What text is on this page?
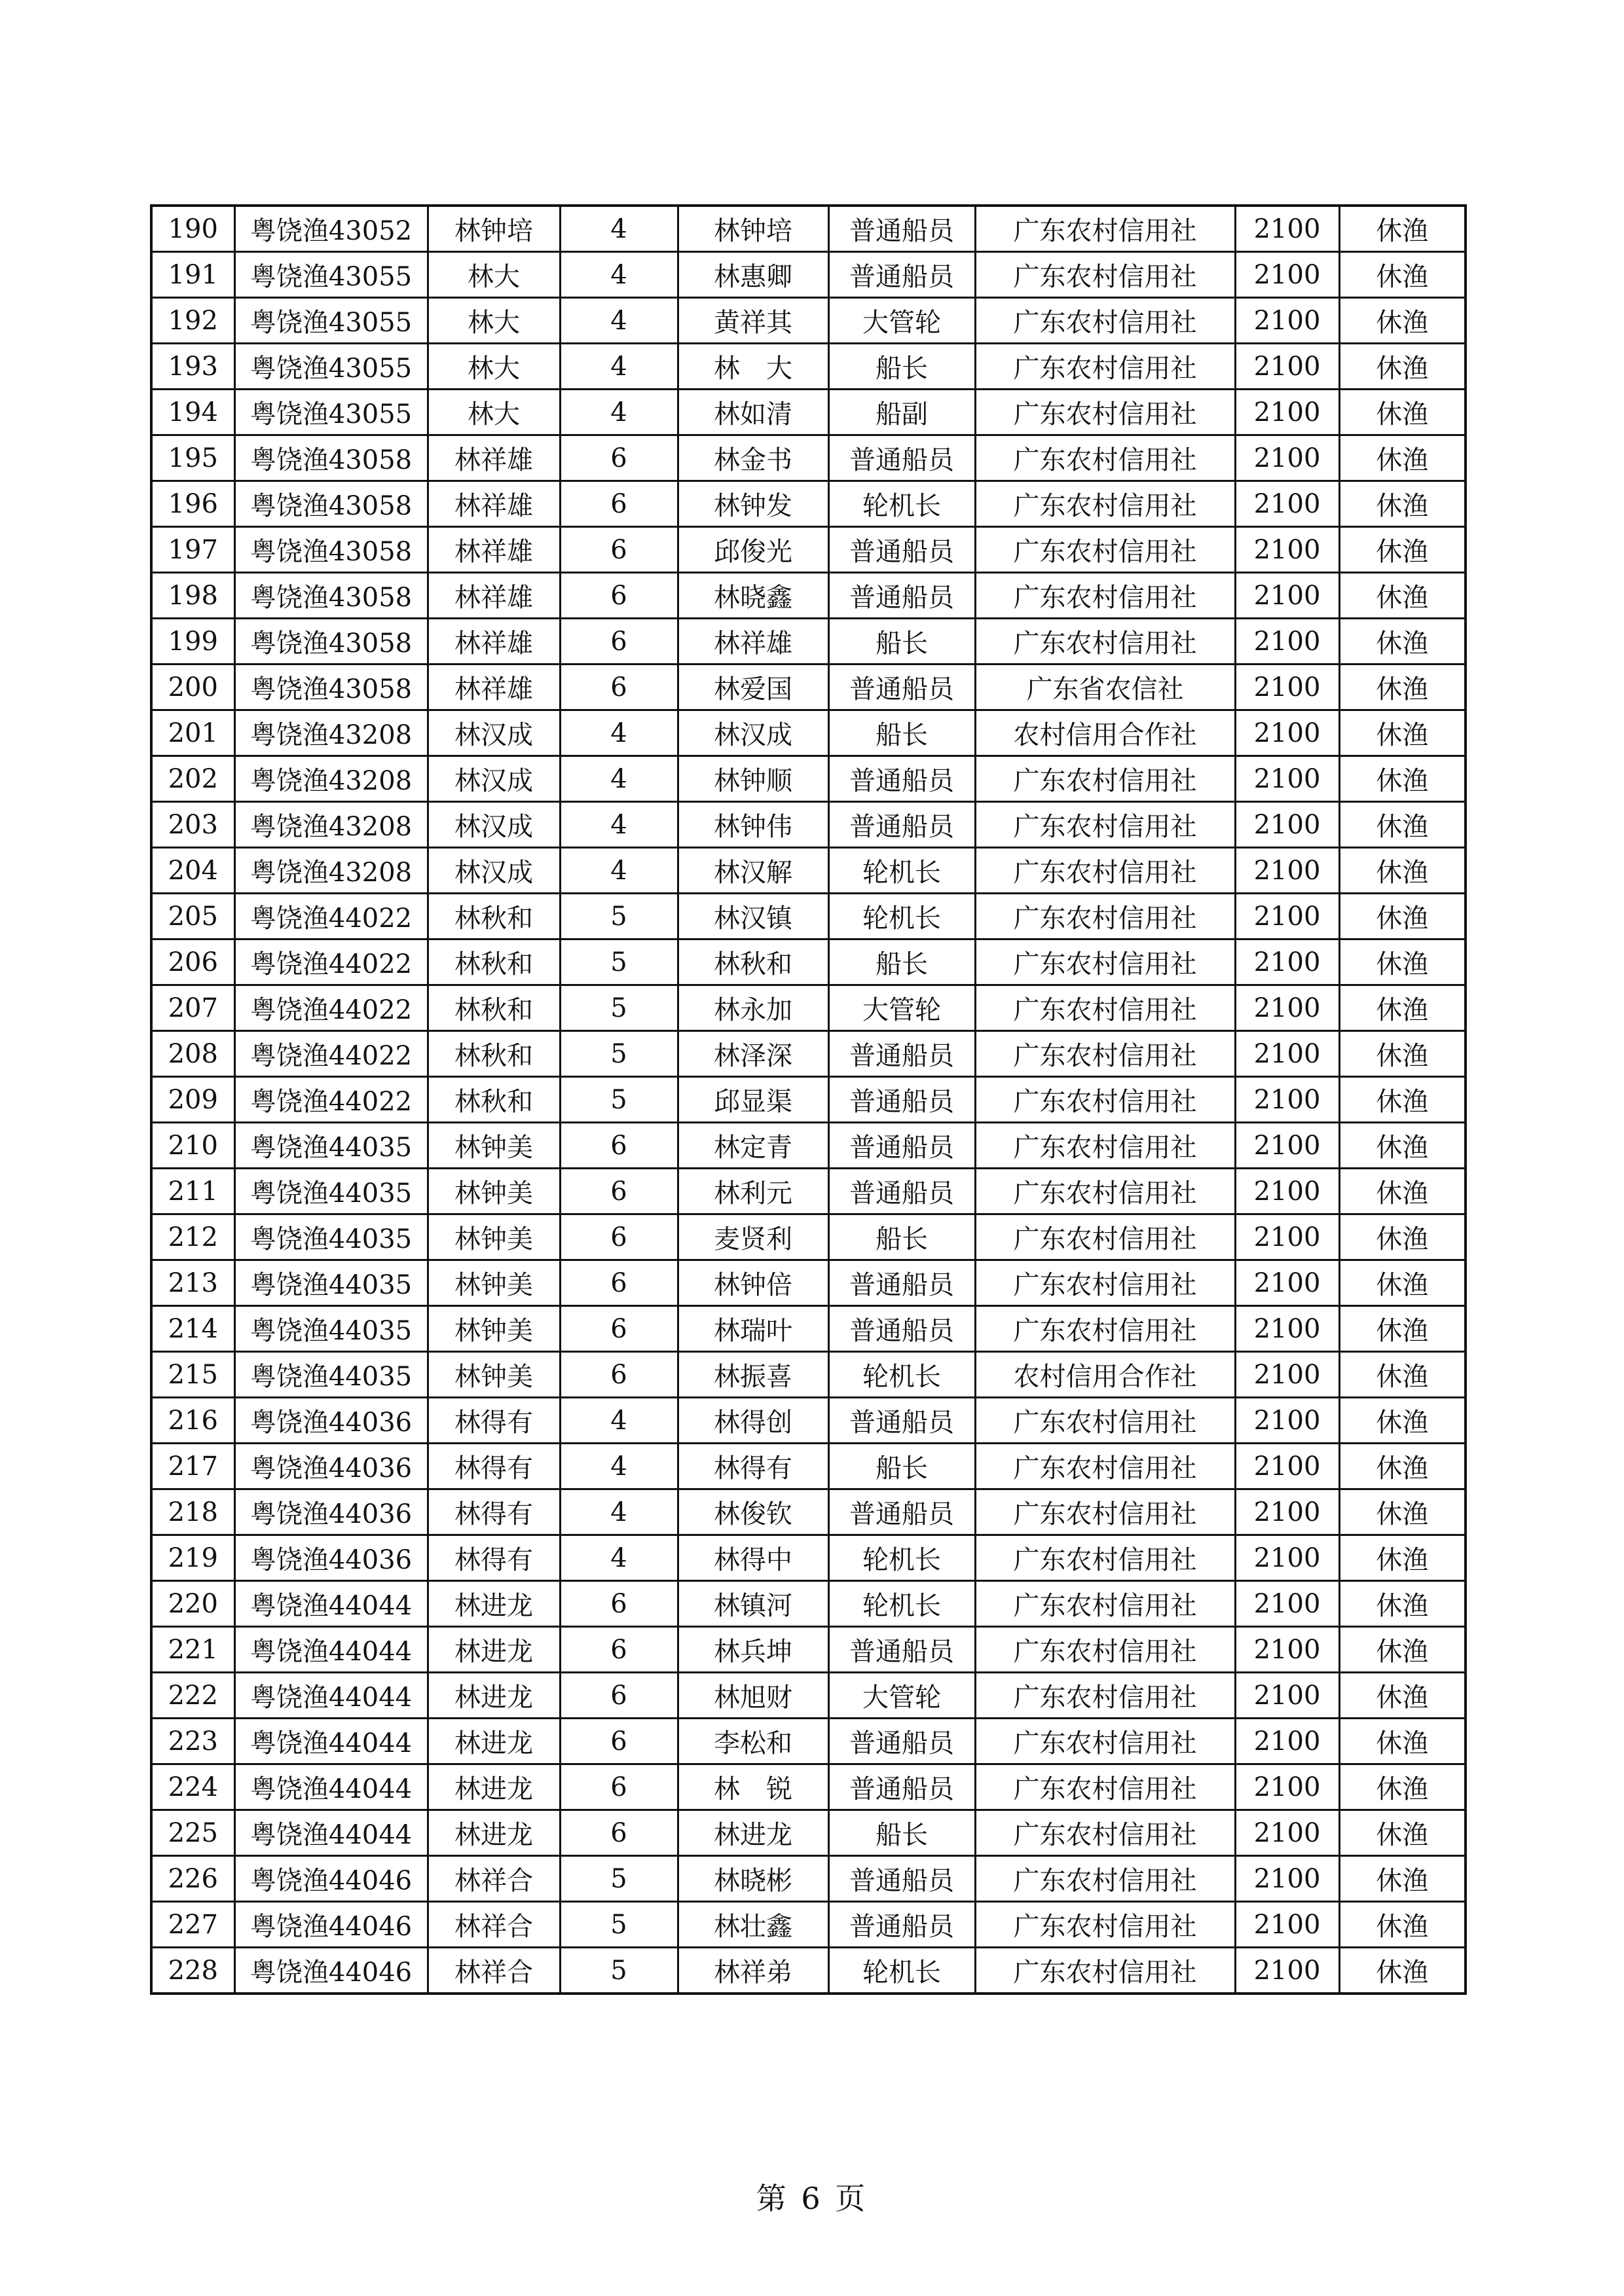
190	粤饶渔43052	林钟培	4	林钟培	普通船员	广东农村信用社	2100	休渔
191	粤饶渔43055	林大	4	林惠卿	普通船员	广东农村信用社	2100	休渔
192	粤饶渔43055	林大	4	黄祥其	大管轮	广东农村信用社	2100	休渔
193	粤饶渔43055	林大	4	林　大	船长	广东农村信用社	2100	休渔
194	粤饶渔43055	林大	4	林如清	船副	广东农村信用社	2100	休渔
195	粤饶渔43058	林祥雄	6	林金书	普通船员	广东农村信用社	2100	休渔
196	粤饶渔43058	林祥雄	6	林钟发	轮机长	广东农村信用社	2100	休渔
197	粤饶渔43058	林祥雄	6	邱俊光	普通船员	广东农村信用社	2100	休渔
198	粤饶渔43058	林祥雄	6	林晓鑫	普通船员	广东农村信用社	2100	休渔
199	粤饶渔43058	林祥雄	6	林祥雄	船长	广东农村信用社	2100	休渔
200	粤饶渔43058	林祥雄	6	林爱国	普通船员	广东省农信社	2100	休渔
201	粤饶渔43208	林汉成	4	林汉成	船长	农村信用合作社	2100	休渔
202	粤饶渔43208	林汉成	4	林钟顺	普通船员	广东农村信用社	2100	休渔
203	粤饶渔43208	林汉成	4	林钟伟	普通船员	广东农村信用社	2100	休渔
204	粤饶渔43208	林汉成	4	林汉解	轮机长	广东农村信用社	2100	休渔
205	粤饶渔44022	林秋和	5	林汉镇	轮机长	广东农村信用社	2100	休渔
206	粤饶渔44022	林秋和	5	林秋和	船长	广东农村信用社	2100	休渔
207	粤饶渔44022	林秋和	5	林永加	大管轮	广东农村信用社	2100	休渔
208	粤饶渔44022	林秋和	5	林泽深	普通船员	广东农村信用社	2100	休渔
209	粤饶渔44022	林秋和	5	邱显渠	普通船员	广东农村信用社	2100	休渔
210	粤饶渔44035	林钟美	6	林定青	普通船员	广东农村信用社	2100	休渔
211	粤饶渔44035	林钟美	6	林利元	普通船员	广东农村信用社	2100	休渔
212	粤饶渔44035	林钟美	6	麦贤利	船长	广东农村信用社	2100	休渔
213	粤饶渔44035	林钟美	6	林钟倍	普通船员	广东农村信用社	2100	休渔
214	粤饶渔44035	林钟美	6	林瑞叶	普通船员	广东农村信用社	2100	休渔
215	粤饶渔44035	林钟美	6	林振喜	轮机长	农村信用合作社	2100	休渔
216	粤饶渔44036	林得有	4	林得创	普通船员	广东农村信用社	2100	休渔
217	粤饶渔44036	林得有	4	林得有	船长	广东农村信用社	2100	休渔
218	粤饶渔44036	林得有	4	林俊钦	普通船员	广东农村信用社	2100	休渔
219	粤饶渔44036	林得有	4	林得中	轮机长	广东农村信用社	2100	休渔
220	粤饶渔44044	林进龙	6	林镇河	轮机长	广东农村信用社	2100	休渔
221	粤饶渔44044	林进龙	6	林兵坤	普通船员	广东农村信用社	2100	休渔
222	粤饶渔44044	林进龙	6	林旭财	大管轮	广东农村信用社	2100	休渔
223	粤饶渔44044	林进龙	6	李松和	普通船员	广东农村信用社	2100	休渔
224	粤饶渔44044	林进龙	6	林　锐	普通船员	广东农村信用社	2100	休渔
225	粤饶渔44044	林进龙	6	林进龙	船长	广东农村信用社	2100	休渔
226	粤饶渔44046	林祥合	5	林晓彬	普通船员	广东农村信用社	2100	休渔
227	粤饶渔44046	林祥合	5	林壮鑫	普通船员	广东农村信用社	2100	休渔
228	粤饶渔44046	林祥合	5	林祥弟	轮机长	广东农村信用社	2100	休渔
第 6 页
